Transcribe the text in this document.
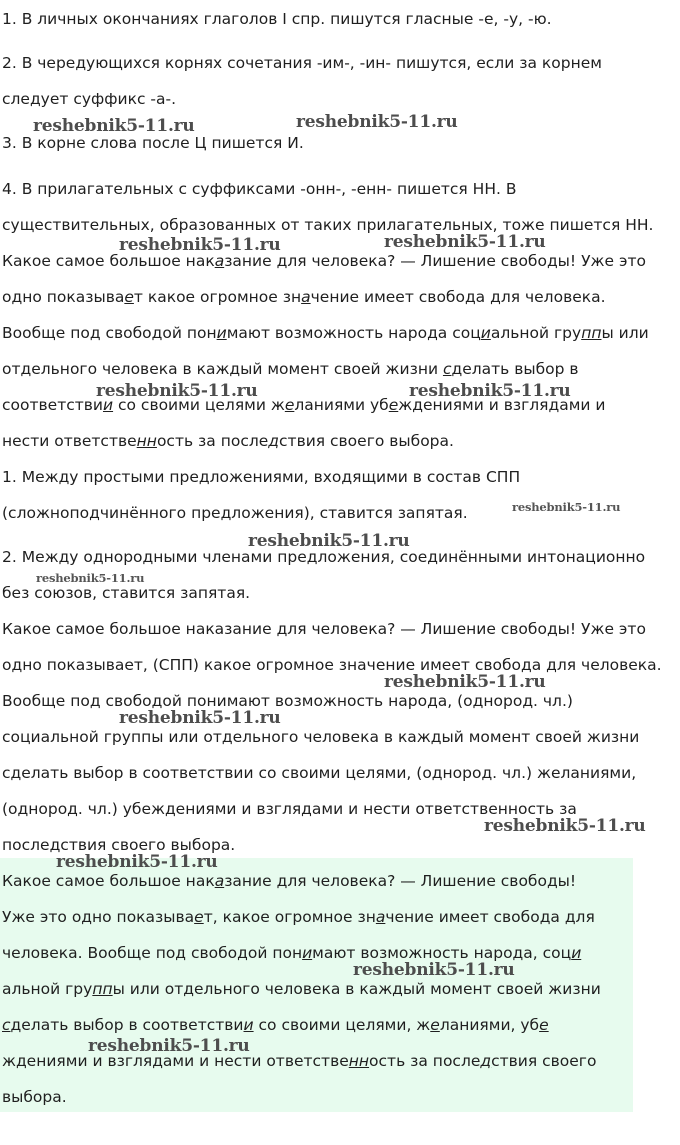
1. В личных окончаниях глаголов I спр. пишутся гласные -е, -у, -ю.
2. В чередующихся корнях сочетания -им-, -ин- пишутся, если за корнем
следует суффикс -а-.
3. В корне слова после Ц пишется И.
4. В прилагательных с суффиксами -онн-, -енн- пишется НН. В
существительных, образованных от таких прилагательных, тоже пишется НН.
Какое самое большое наказание для человека? — Лишение свободы! Уже это
одно показывает какое огромное значение имеет свобода для человека.
Вообще под свободой понимают возможность народа социальной группы или
отдельного человека в каждый момент своей жизни сделать выбор в
соответствии со своими целями желаниями убеждениями и взглядами и
нести ответственность за последствия своего выбора.
1. Между простыми предложениями, входящими в состав СПП
(сложноподчинённого предложения), ставится запятая.
2. Между однородными членами предложения, соединёнными интонационно
без союзов, ставится запятая.
Какое самое большое наказание для человека? — Лишение свободы! Уже это
одно показывает, (СПП) какое огромное значение имеет свобода для человека.
Вообще под свободой понимают возможность народа, (однород. чл.)
социальной группы или отдельного человека в каждый момент своей жизни
сделать выбор в соответствии со своими целями, (однород. чл.) желаниями,
(однород. чл.) убеждениями и взглядами и нести ответственность за
последствия своего выбора.
Какое самое большое наказание для человека? — Лишение свободы!
Уже это одно показывает, какое огромное значение имеет свобода для
человека. Вообще под свободой понимают возможность народа, соци
альной группы или отдельного человека в каждый момент своей жизни
сделать выбор в соответствии со своими целями, желаниями, убе
ждениями и взглядами и нести ответственность за последствия своего
выбора.
reshebnik5-11.ru	reshebnik5-11.ru
reshebnik5-11.ru	reshebnik5-11.ru
reshebnik5-11.ru	reshebnik5-11.ru
reshebnik5-11.ru
reshebnik5-11.ru
reshebnik5-11.ru
reshebnik5-11.ru
reshebnik5-11.ru
reshebnik5-11.ru
reshebnik5-11.ru
reshebnik5-11.ru
reshebnik5-11.ru
